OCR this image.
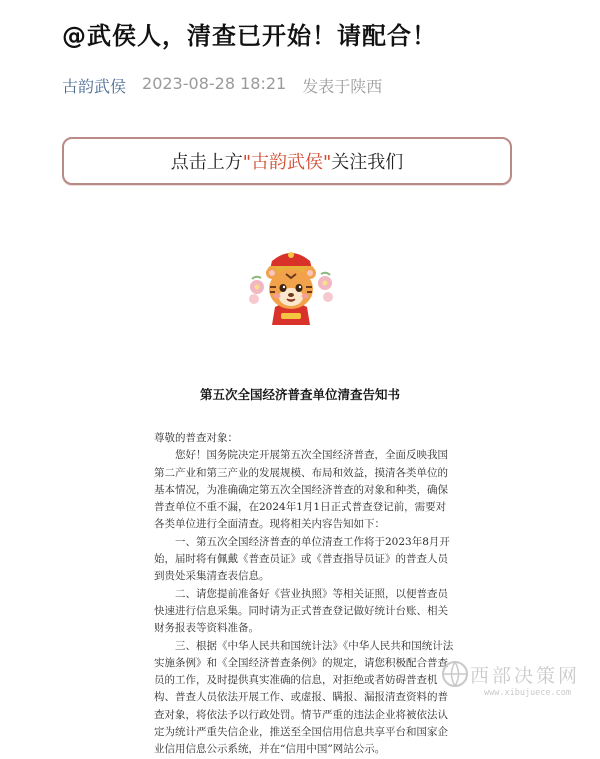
@武侯人，清查已开始！请配合！
古韵武侯 2023-08-28 18:21 发表于陕西
点击上方 "古韵武侯" 关注我们
第五次全国经济普查单位清查告知书

尊敬的普查对象：

您好！国务院决定开展第五次全国经济普查，全面反映我国第二产业和第三产业的发展规模、布局和效益，摸清各类单位的基本情况，为准确确定第五次全国经济普查的对象和种类，确保普查单位不重不漏，在2024年1月1日正式普查登记前，需要对各类单位进行全面清查。现将相关内容告知如下：

一、第五次全国经济普查的单位清查工作将于2023年8月开始，届时将有佩戴《普查员证》或《普查指导员证》的普查人员到贵处采集清查表信息。

二、请您提前准备好《营业执照》等相关证照，以便普查员快速进行信息采集。同时请为正式普查登记做好统计台账、相关财务报表等资料准备。

三、根据《中华人民共和国统计法》《中华人民共和国统计法实施条例》和《全国经济普查条例》的规定，请您积极配合普查员的工作，及时提供真实准确的信息，对拒绝或者妨碍普查机构、普查人员依法开展工作、或虚报、瞒报、漏报清查资料的普查对象，将依法予以行政处罚。情节严重的违法企业将被依法认定为统计严重失信企业，推送至全国信用信息共享平台和国家企业信用信息公示系统，并在“信用中国”网站公示。

西部决策网
www.xibujuece.com
